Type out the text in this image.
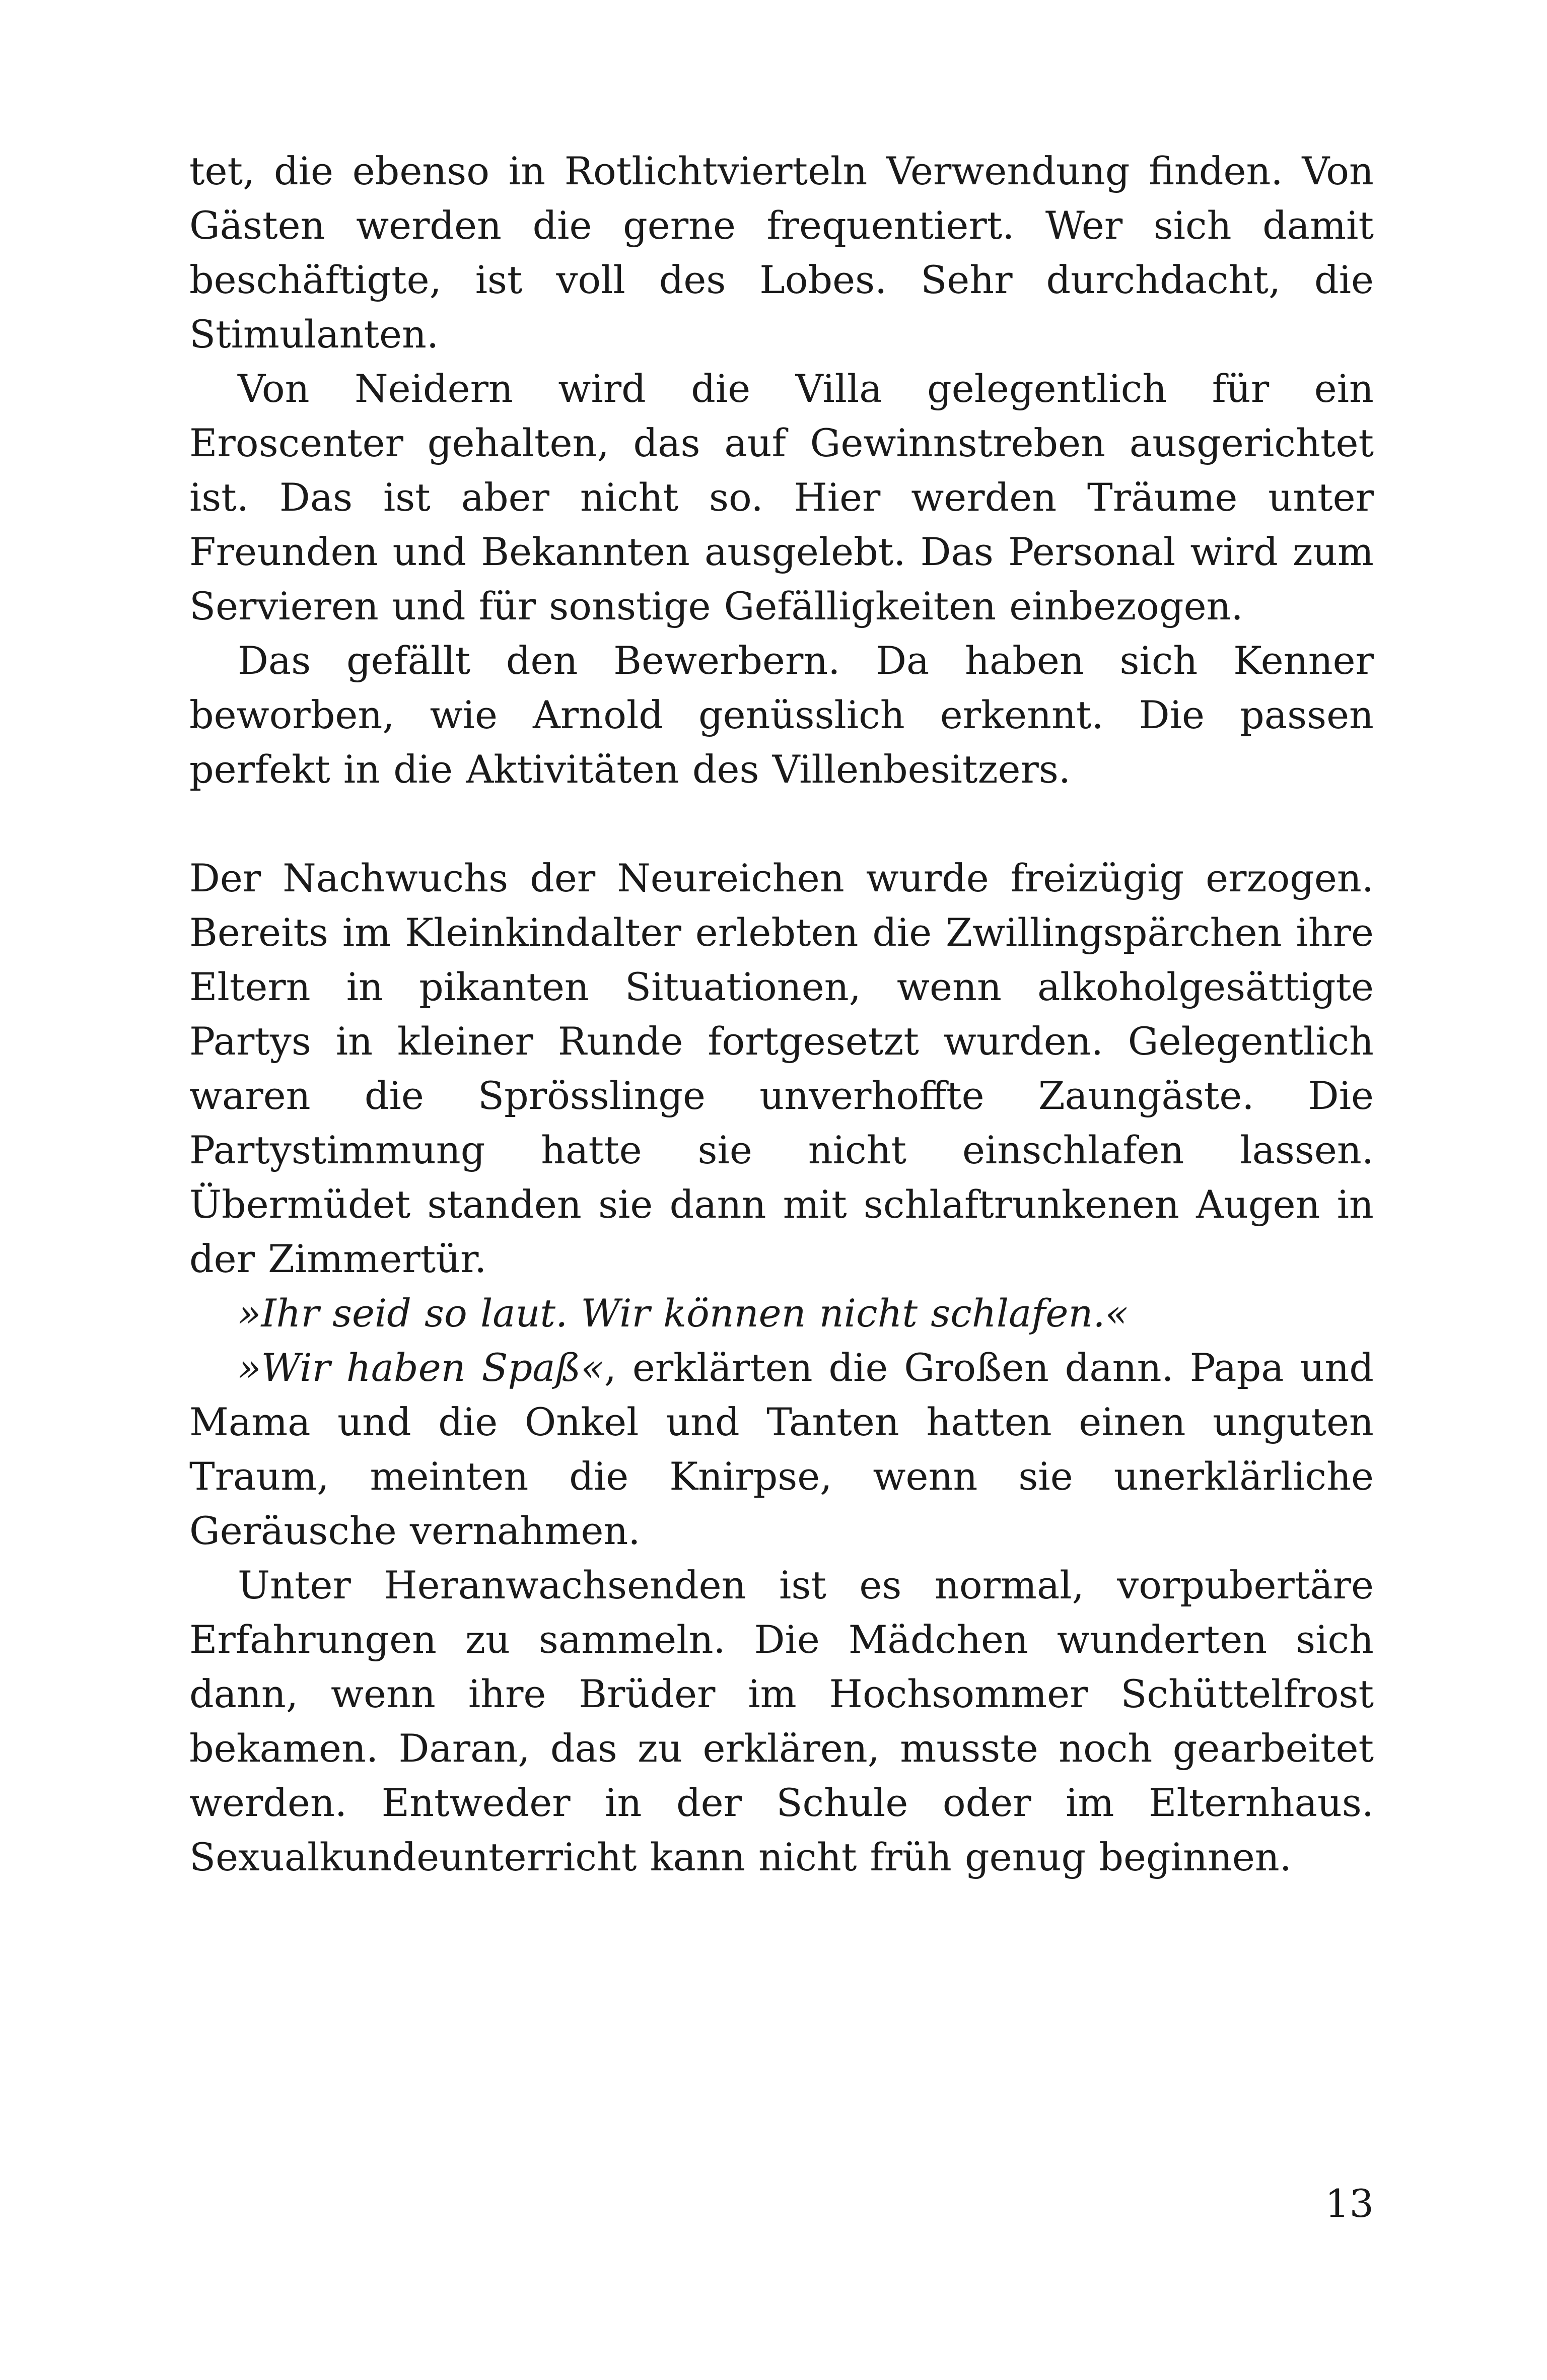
tet, die ebenso in Rotlichtvierteln Verwendung finden. Von Gästen werden die gerne frequentiert. Wer sich damit beschäftigte, ist voll des Lobes. Sehr durchdacht, die Stimulanten.

Von Neidern wird die Villa gelegentlich für ein Eroscenter gehalten, das auf Gewinnstreben ausgerichtet ist. Das ist aber nicht so. Hier werden Träume unter Freunden und Bekannten ausgelebt. Das Personal wird zum Servieren und für sonstige Gefälligkeiten einbezogen.

Das gefällt den Bewerbern. Da haben sich Kenner beworben, wie Arnold genüsslich erkennt. Die passen perfekt in die Aktivitäten des Villenbesitzers.

Der Nachwuchs der Neureichen wurde freizügig erzogen. Bereits im Kleinkindalter erlebten die Zwillingspärchen ihre Eltern in pikanten Situationen, wenn alkoholgesättigte Partys in kleiner Runde fortgesetzt wurden. Gelegentlich waren die Sprösslinge unverhoffte Zaungäste. Die Partystimmung hatte sie nicht einschlafen lassen. Übermüdet standen sie dann mit schlaftrunkenen Augen in der Zimmertür.

»Ihr seid so laut. Wir können nicht schlafen.«

»Wir haben Spaß«, erklärten die Großen dann. Papa und Mama und die Onkel und Tanten hatten einen unguten Traum, meinten die Knirpse, wenn sie unerklärliche Geräusche vernahmen.

Unter Heranwachsenden ist es normal, vorpubertäre Erfahrungen zu sammeln. Die Mädchen wunderten sich dann, wenn ihre Brüder im Hochsommer Schüttelfrost bekamen. Daran, das zu erklären, musste noch gearbeitet werden. Entweder in der Schule oder im Elternhaus. Sexualkundeunterricht kann nicht früh genug beginnen.

13
